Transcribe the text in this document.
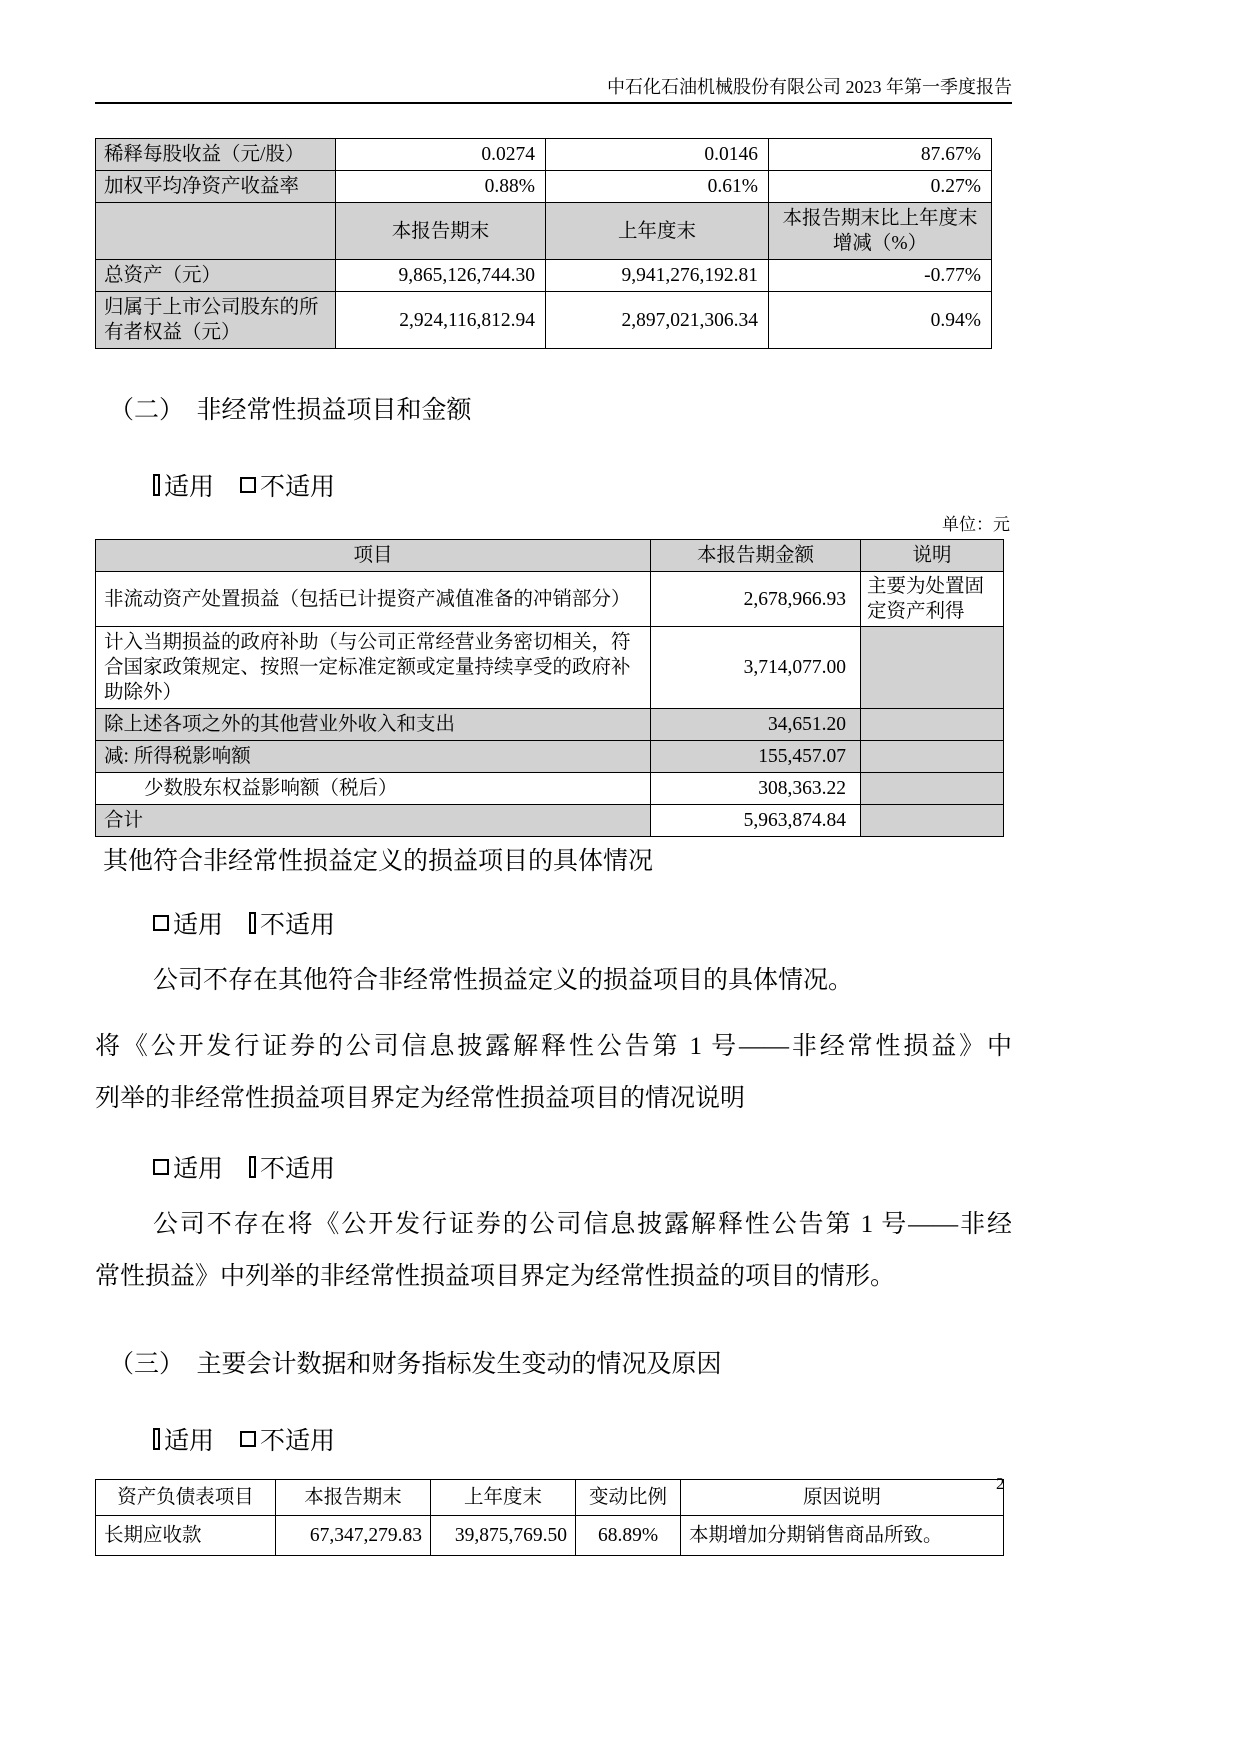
中石化石油机械股份有限公司 2023 年第一季度报告
稀释每股收益（元/股）	0.0274	0.0146	87.67%
加权平均净资产收益率	0.88%	0.61%	0.27%
	本报告期末	上年度末	本报告期末比上年度末增减（%）
总资产（元）	9,865,126,744.30	9,941,276,192.81	-0.77%
归属于上市公司股东的所有者权益（元）	2,924,116,812.94	2,897,021,306.34	0.94%
（二）　非经常性损益项目和金额
适用 不适用
单位：元
项目	本报告期金额	说明
非流动资产处置损益（包括已计提资产减值准备的冲销部分）	2,678,966.93	主要为处置固定资产利得
计入当期损益的政府补助（与公司正常经营业务密切相关，符合国家政策规定、按照一定标准定额或定量持续享受的政府补助除外）	3,714,077.00	
除上述各项之外的其他营业外收入和支出	34,651.20	
减: 所得税影响额	155,457.07	
少数股东权益影响额（税后）	308,363.22	
合计	5,963,874.84	
其他符合非经常性损益定义的损益项目的具体情况
适用 不适用

公司不存在其他符合非经常性损益定义的损益项目的具体情况。

将《公开发行证券的公司信息披露解释性公告第 1 号——非经常性损益》中
列举的非经常性损益项目界定为经常性损益项目的情况说明
适用 不适用
公司不存在将《公开发行证券的公司信息披露解释性公告第 1 号——非经
常性损益》中列举的非经常性损益项目界定为经常性损益的项目的情形。
（三）　主要会计数据和财务指标发生变动的情况及原因
适用 不适用
资产负债表项目	本报告期末	上年度末	变动比例	原因说明
长期应收款	67,347,279.83	39,875,769.50	68.89%	本期增加分期销售商品所致。
2
